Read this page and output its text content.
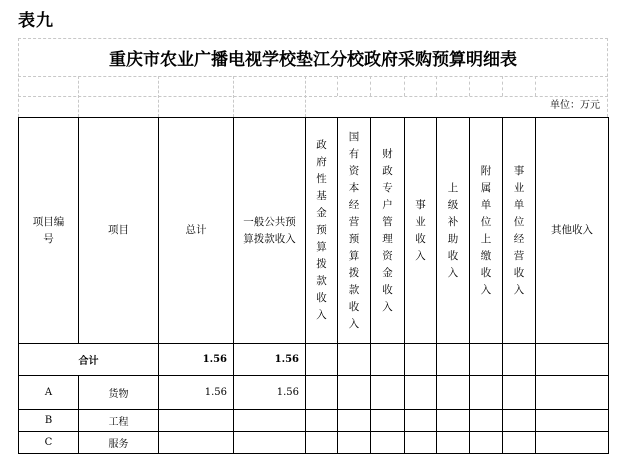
表九
重庆市农业广播电视学校垫江分校政府采购预算明细表
单位：万元
项目编号	项目	总计	一般公共预算拨款收入	政府性基金预算拨款收入	国有资本经营预算拨款收入	财政专户管理资金收入	事业收入	上级补助收入	附属单位上缴收入	事业单位经营收入	其他收入
合计		1.56	1.56								
A	货物	1.56	1.56								
B	工程										
C	服务										
